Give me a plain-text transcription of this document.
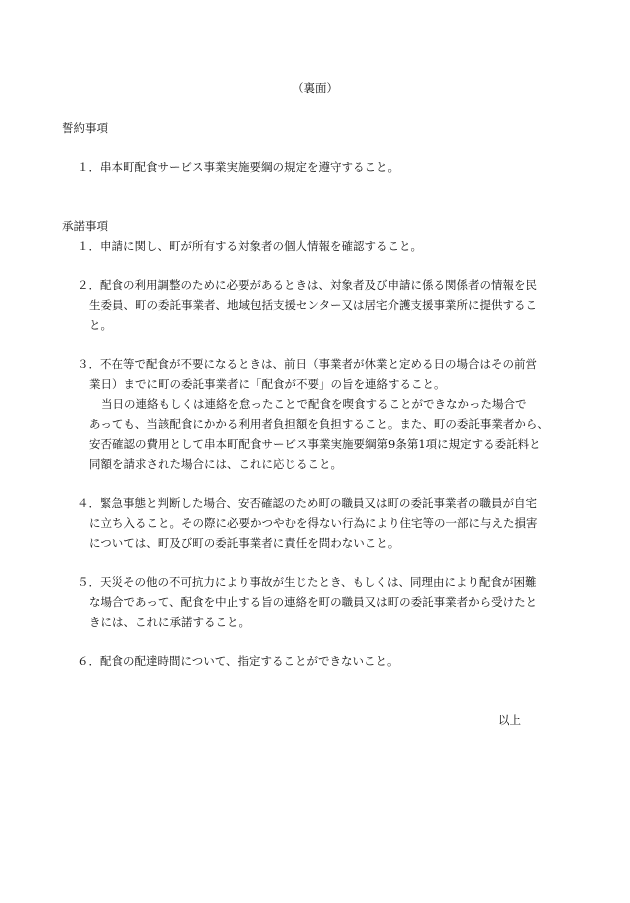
（裏面）
誓約事項
１．串本町配食サービス事業実施要綱の規定を遵守すること。
承諾事項
１．申請に関し、町が所有する対象者の個人情報を確認すること。
２．配食の利用調整のために必要があるときは、対象者及び申請に係る関係者の情報を民
生委員、町の委託事業者、地域包括支援センター又は居宅介護支援事業所に提供するこ
と。
３．不在等で配食が不要になるときは、前日（事業者が休業と定める日の場合はその前営
業日）までに町の委託事業者に「配食が不要」の旨を連絡すること。
当日の連絡もしくは連絡を怠ったことで配食を喫食することができなかった場合で
あっても、当該配食にかかる利用者負担額を負担すること。また、町の委託事業者から、
安否確認の費用として串本町配食サービス事業実施要綱第9条第1項に規定する委託料と
同額を請求された場合には、これに応じること。
４．緊急事態と判断した場合、安否確認のため町の職員又は町の委託事業者の職員が自宅
に立ち入ること。その際に必要かつやむを得ない行為により住宅等の一部に与えた損害
については、町及び町の委託事業者に責任を問わないこと。
５．天災その他の不可抗力により事故が生じたとき、もしくは、同理由により配食が困難
な場合であって、配食を中止する旨の連絡を町の職員又は町の委託事業者から受けたと
きには、これに承諾すること。
６．配食の配達時間について、指定することができないこと。
以上
